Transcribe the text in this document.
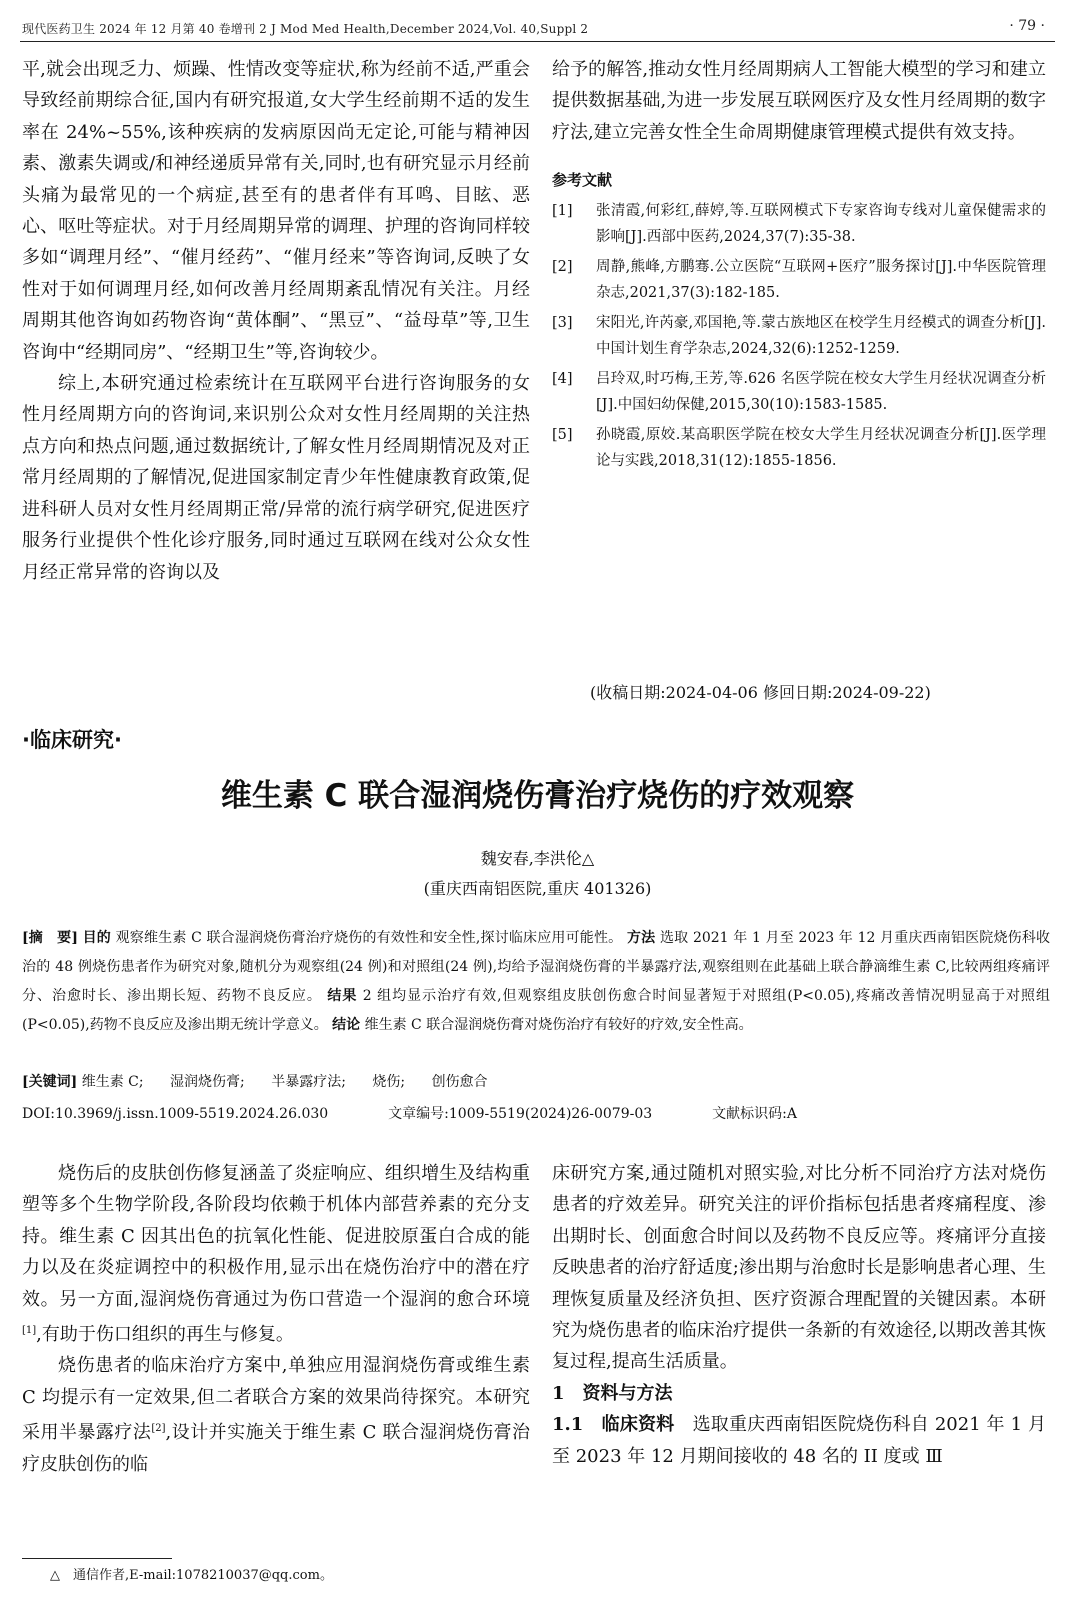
现代医药卫生 2024 年 12 月第 40 卷增刊 2 J Mod Med Health,December 2024,Vol. 40,Suppl 2	· 79 ·

平,就会出现乏力、烦躁、性情改变等症状,称为经前不适,严重会导致经前期综合征,国内有研究报道,女大学生经前期不适的发生率在 24%~55%,该种疾病的发病原因尚无定论,可能与精神因素、激素失调或/和神经递质异常有关,同时,也有研究显示月经前头痛为最常见的一个病症,甚至有的患者伴有耳鸣、目眩、恶心、呕吐等症状。对于月经周期异常的调理、护理的咨询同样较多如“调理月经”、“催月经药”、“催月经来”等咨询词,反映了女性对于如何调理月经,如何改善月经周期紊乱情况有关注。月经周期其他咨询如药物咨询“黄体酮”、“黑豆”、“益母草”等,卫生咨询中“经期同房”、“经期卫生”等,咨询较少。

综上,本研究通过检索统计在互联网平台进行咨询服务的女性月经周期方向的咨询词,来识别公众对女性月经周期的关注热点方向和热点问题,通过数据统计,了解女性月经周期情况及对正常月经周期的了解情况,促进国家制定青少年性健康教育政策,促进科研人员对女性月经周期正常/异常的流行病学研究,促进医疗服务行业提供个性化诊疗服务,同时通过互联网在线对公众女性月经正常异常的咨询以及

给予的解答,推动女性月经周期病人工智能大模型的学习和建立提供数据基础,为进一步发展互联网医疗及女性月经周期的数字疗法,建立完善女性全生命周期健康管理模式提供有效支持。

参考文献
[1]	张清霞,何彩红,薛婷,等.互联网模式下专家咨询专线对儿童保健需求的影响[J].西部中医药,2024,37(7):35-38.
[2]	周静,熊峰,方鹏骞.公立医院“互联网+医疗”服务探讨[J].中华医院管理杂志,2021,37(3):182-185.
[3]	宋阳光,许芮豪,邓国艳,等.蒙古族地区在校学生月经模式的调查分析[J].中国计划生育学杂志,2024,32(6):1252-1259.
[4]	吕玲双,时巧梅,王芳,等.626 名医学院在校女大学生月经状况调查分析[J].中国妇幼保健,2015,30(10):1583-1585.
[5]	孙晓霞,原姣.某高职医学院在校女大学生月经状况调查分析[J].医学理论与实践,2018,31(12):1855-1856.
(收稿日期:2024-04-06 修回日期:2024-09-22)
·临床研究·
维生素 C 联合湿润烧伤膏治疗烧伤的疗效观察
魏安春,李洪伦△
(重庆西南铝医院,重庆 401326)
[摘　要] 目的 观察维生素 C 联合湿润烧伤膏治疗烧伤的有效性和安全性,探讨临床应用可能性。 方法 选取 2021 年 1 月至 2023 年 12 月重庆西南铝医院烧伤科收治的 48 例烧伤患者作为研究对象,随机分为观察组(24 例)和对照组(24 例),均给予湿润烧伤膏的半暴露疗法,观察组则在此基础上联合静滴维生素 C,比较两组疼痛评分、治愈时长、渗出期长短、药物不良反应。 结果 2 组均显示治疗有效,但观察组皮肤创伤愈合时间显著短于对照组(P<0.05),疼痛改善情况明显高于对照组(P<0.05),药物不良反应及渗出期无统计学意义。 结论 维生素 C 联合湿润烧伤膏对烧伤治疗有较好的疗效,安全性高。
[关键词] 维生素 C; 湿润烧伤膏; 半暴露疗法; 烧伤; 创伤愈合
DOI:10.3969/j.issn.1009-5519.2024.26.030	文章编号:1009-5519(2024)26-0079-03	文献标识码:A

烧伤后的皮肤创伤修复涵盖了炎症响应、组织增生及结构重塑等多个生物学阶段,各阶段均依赖于机体内部营养素的充分支持。维生素 C 因其出色的抗氧化性能、促进胶原蛋白合成的能力以及在炎症调控中的积极作用,显示出在烧伤治疗中的潜在疗效。另一方面,湿润烧伤膏通过为伤口营造一个湿润的愈合环境[1],有助于伤口组织的再生与修复。

烧伤患者的临床治疗方案中,单独应用湿润烧伤膏或维生素 C 均提示有一定效果,但二者联合方案的效果尚待探究。本研究采用半暴露疗法[2],设计并实施关于维生素 C 联合湿润烧伤膏治疗皮肤创伤的临

床研究方案,通过随机对照实验,对比分析不同治疗方法对烧伤患者的疗效差异。研究关注的评价指标包括患者疼痛程度、渗出期时长、创面愈合时间以及药物不良反应等。疼痛评分直接反映患者的治疗舒适度;渗出期与治愈时长是影响患者心理、生理恢复质量及经济负担、医疗资源合理配置的关键因素。本研究为烧伤患者的临床治疗提供一条新的有效途径,以期改善其恢复过程,提高生活质量。

1　资料与方法

1.1　临床资料　 选取重庆西南铝医院烧伤科自 2021 年 1 月至 2023 年 12 月期间接收的 48 名的 II 度或 Ⅲ

△　通信作者,E-mail:1078210037@qq.com。
